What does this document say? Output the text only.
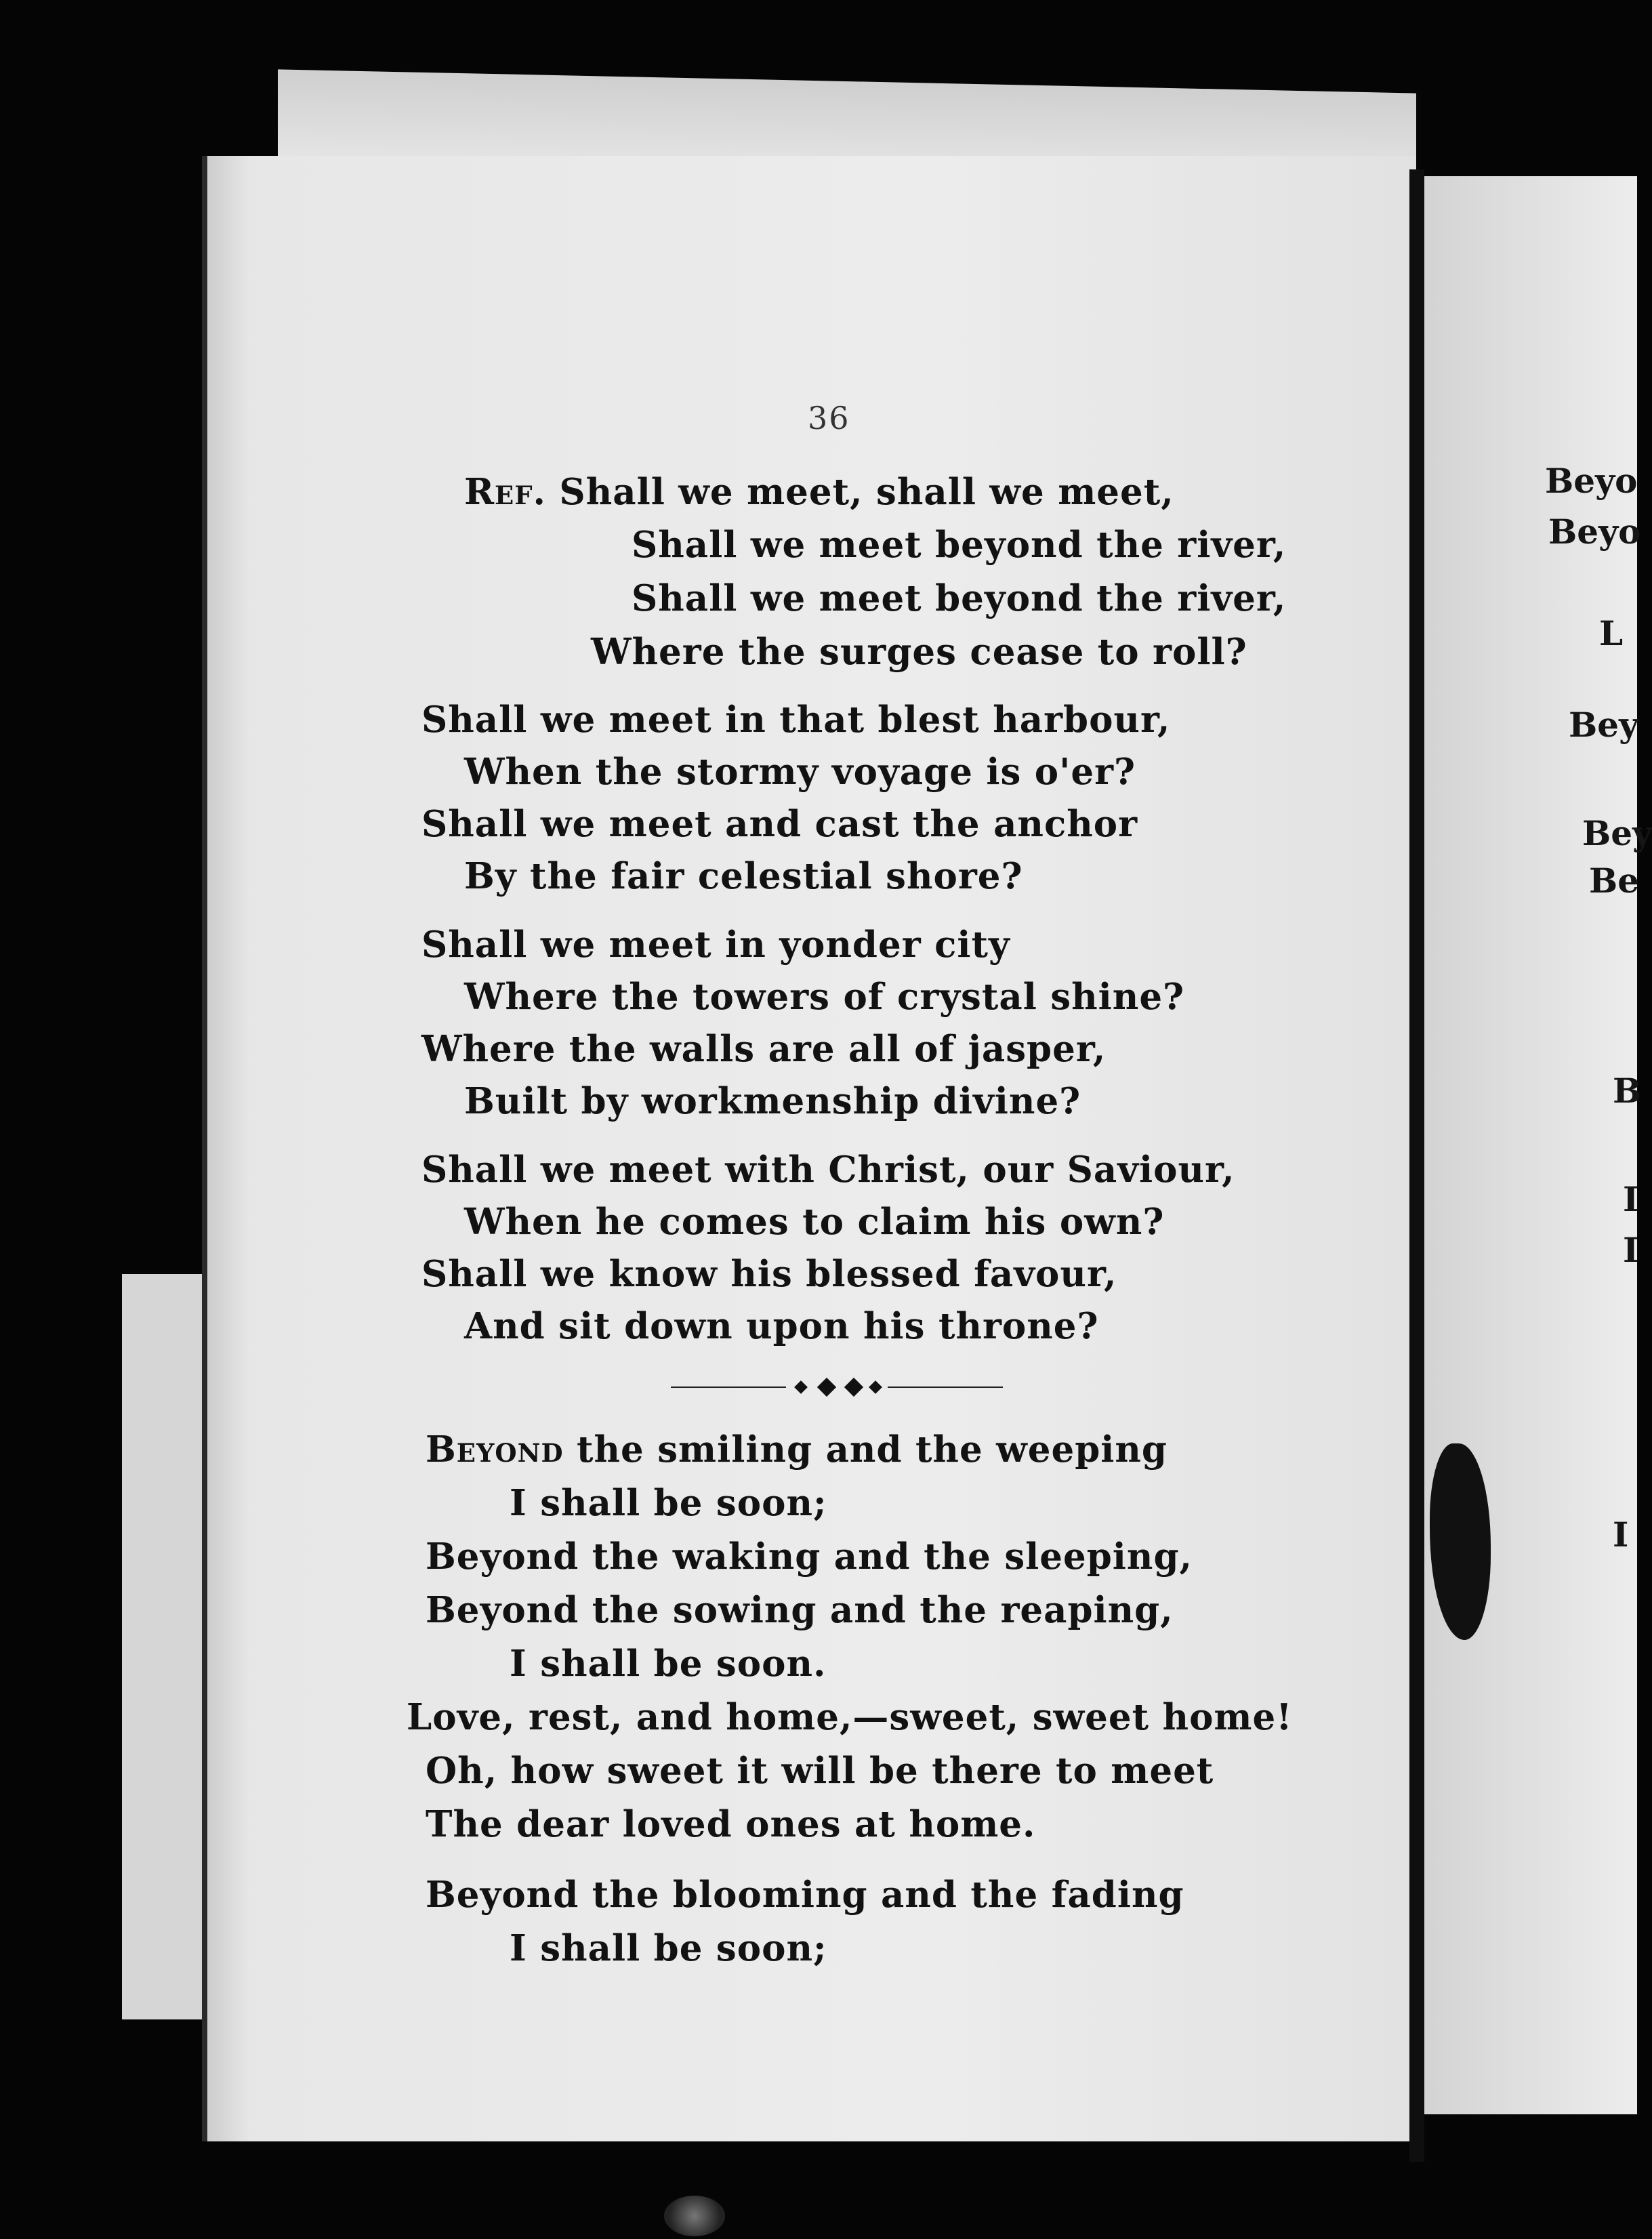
36
Ref. Shall we meet, shall we meet,
Shall we meet beyond the river,
Shall we meet beyond the river,
Where the surges cease to roll?
Shall we meet in that blest harbour,
When the stormy voyage is o'er?
Shall we meet and cast the anchor
By the fair celestial shore?
Shall we meet in yonder city
Where the towers of crystal shine?
Where the walls are all of jasper,
Built by workmenship divine?
Shall we meet with Christ, our Saviour,
When he comes to claim his own?
Shall we know his blessed favour,
And sit down upon his throne?
Beyond the smiling and the weeping
I shall be soon;
Beyond the waking and the sleeping,
Beyond the sowing and the reaping,
I shall be soon.
Love, rest, and home,—sweet, sweet home!
Oh, how sweet it will be there to meet
The dear loved ones at home.
Beyond the blooming and the fading
I shall be soon;
Beyo
Beyo
L
Bey
Bey
Be
B
I
I
I
